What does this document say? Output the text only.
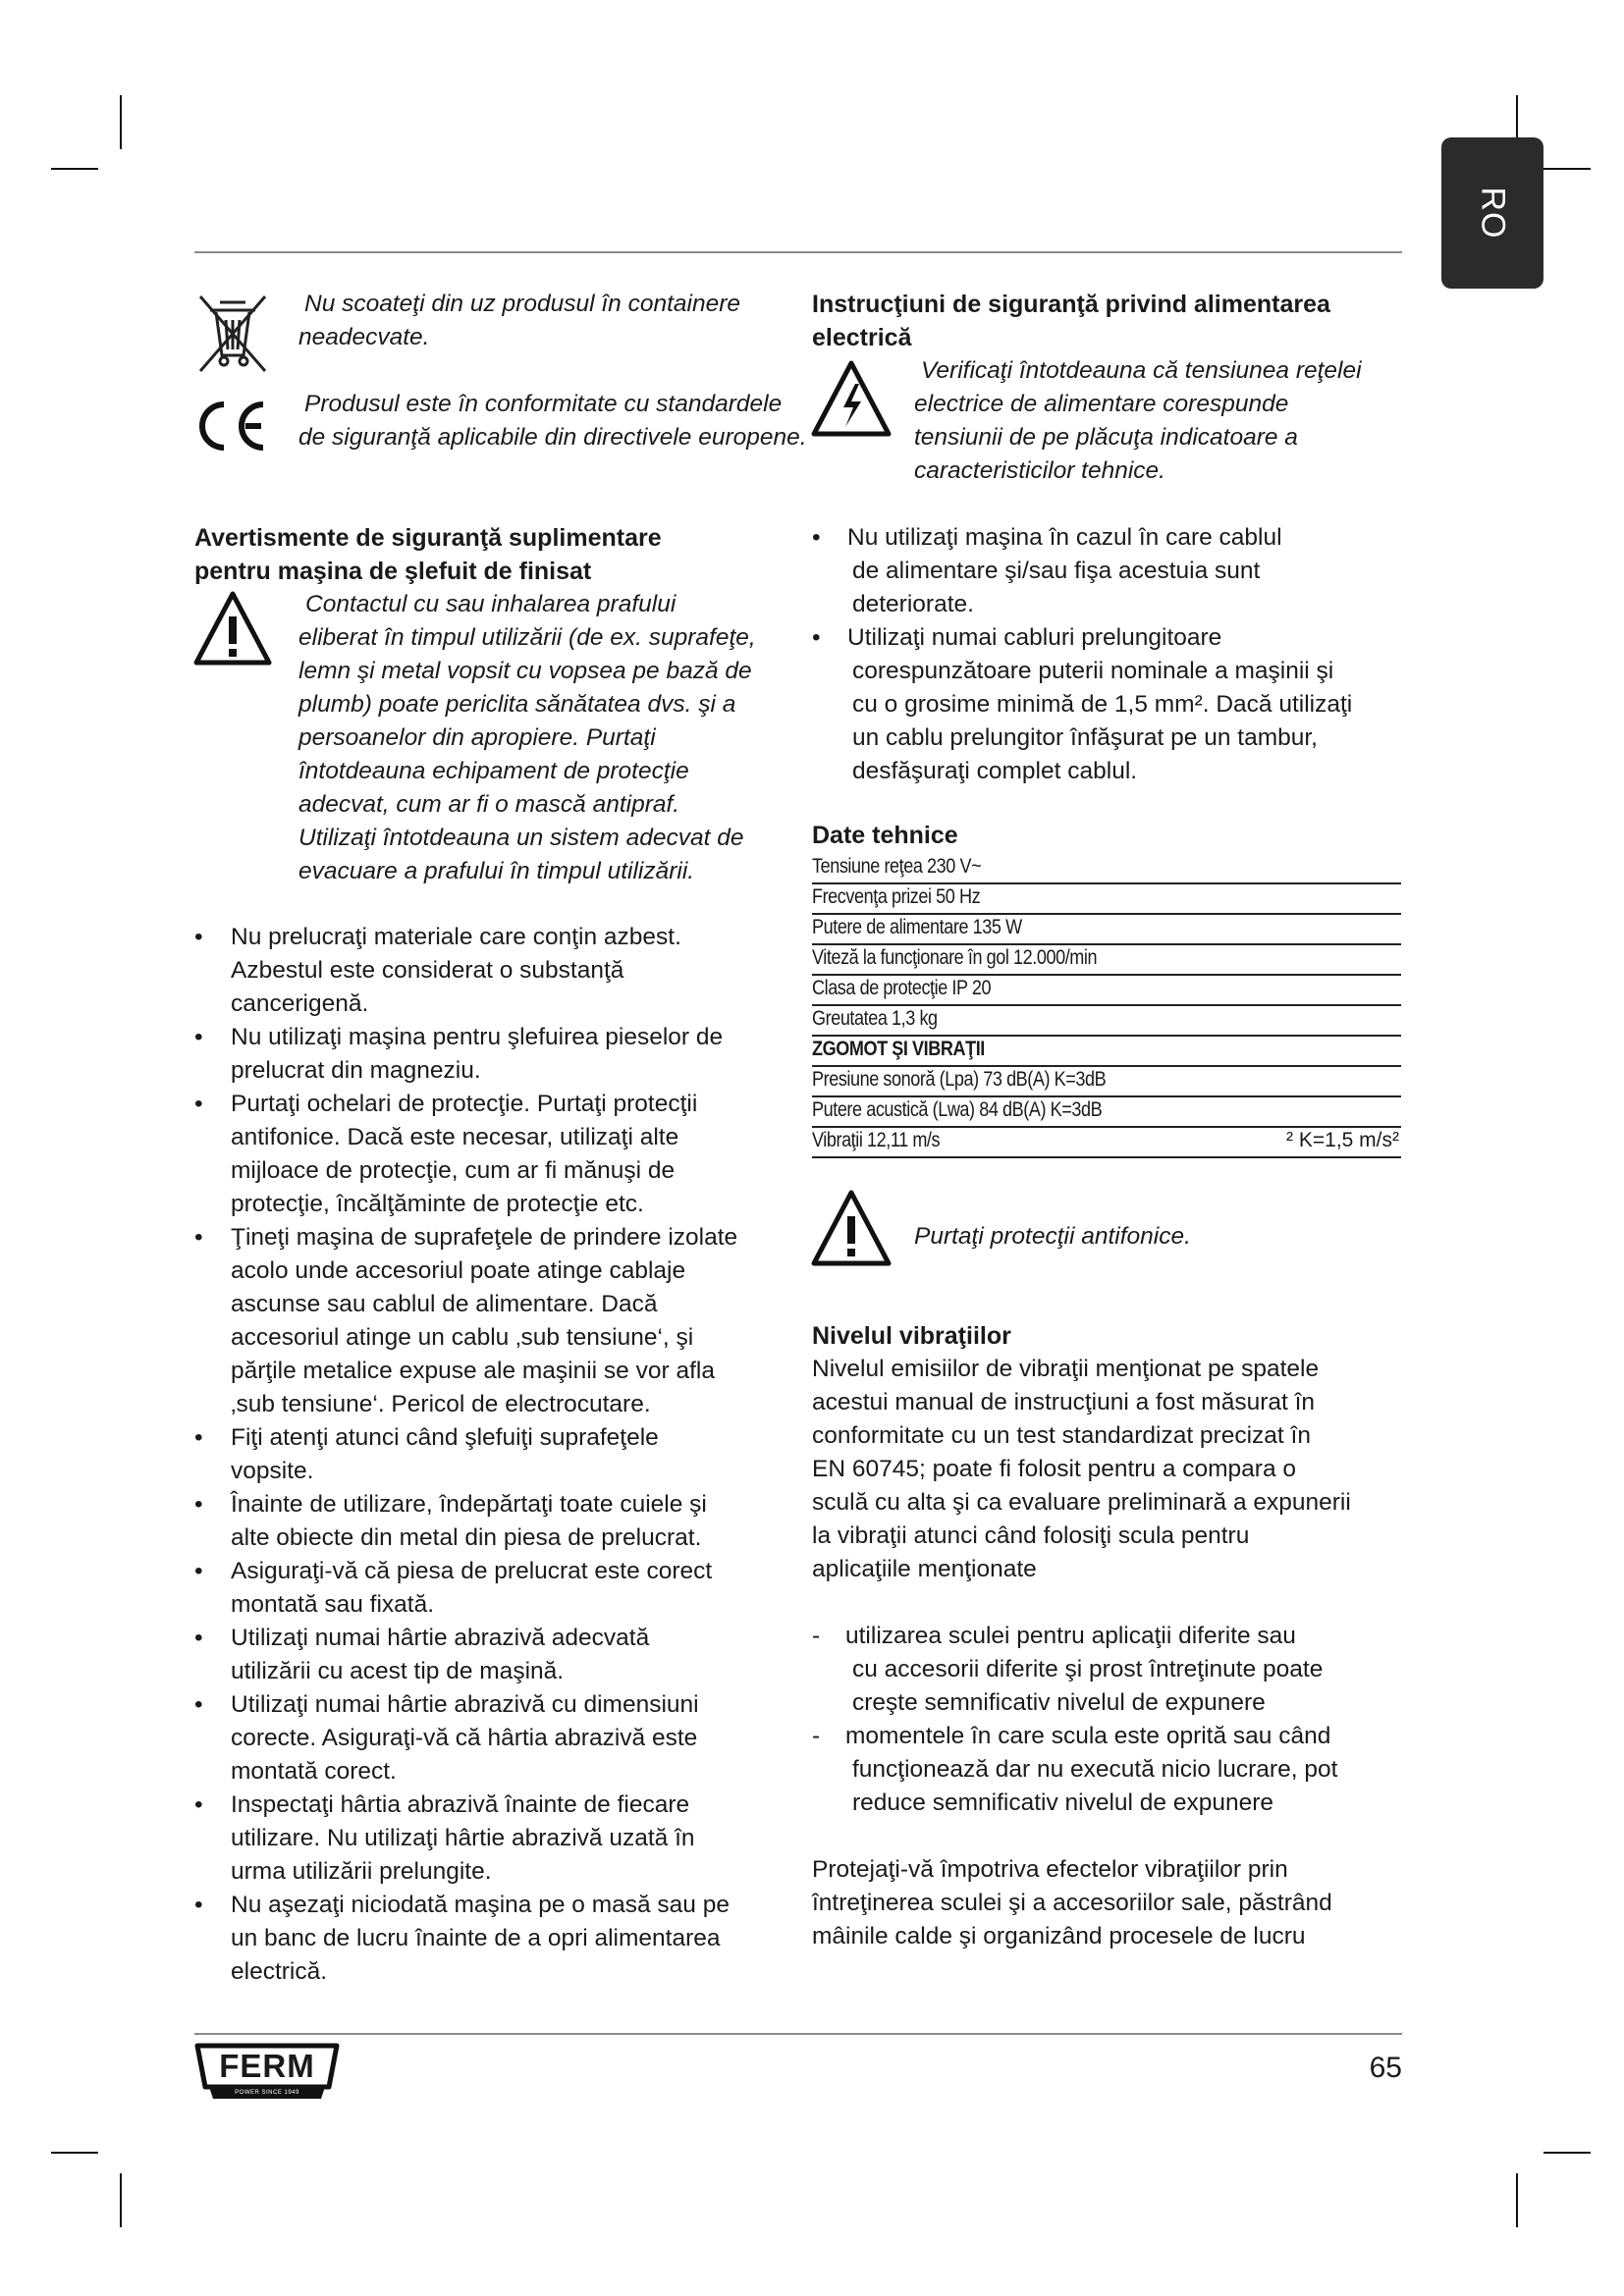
RO
Nu scoateţi din uz produsul în containere neadecvate.
Produsul este în conformitate cu standardele de siguranţă aplicabile din directivele europene.
Avertismente de siguranţă suplimentare
pentru maşina de şlefuit de finisat
Contactul cu sau inhalarea prafului
eliberat în timpul utilizării (de ex. suprafeţe,
lemn şi metal vopsit cu vopsea pe bază de
plumb) poate periclita sănătatea dvs. şi a
persoanelor din apropiere. Purtaţi
întotdeauna echipament de protecţie
adecvat, cum ar fi o mască antipraf.
Utilizaţi întotdeauna un sistem adecvat de
evacuare a prafului în timpul utilizării.
• Nu prelucraţi materiale care conţin azbest.
Azbestul este considerat o substanţă
cancerigenă.
• Nu utilizaţi maşina pentru şlefuirea pieselor de
prelucrat din magneziu.
• Purtaţi ochelari de protecţie. Purtaţi protecţii
antifonice. Dacă este necesar, utilizaţi alte
mijloace de protecţie, cum ar fi mănuşi de
protecţie, încălţăminte de protecţie etc.
• Ţineţi maşina de suprafeţele de prindere izolate
acolo unde accesoriul poate atinge cablaje
ascunse sau cablul de alimentare. Dacă
accesoriul atinge un cablu ‚sub tensiune‘, şi
părţile metalice expuse ale maşinii se vor afla
‚sub tensiune‘. Pericol de electrocutare.
• Fiţi atenţi atunci când şlefuiţi suprafeţele
vopsite.
• Înainte de utilizare, îndepărtaţi toate cuiele şi
alte obiecte din metal din piesa de prelucrat.
• Asiguraţi-vă că piesa de prelucrat este corect
montată sau fixată.
• Utilizaţi numai hârtie abrazivă adecvată
utilizării cu acest tip de maşină.
• Utilizaţi numai hârtie abrazivă cu dimensiuni
corecte. Asiguraţi-vă că hârtia abrazivă este
montată corect.
• Inspectaţi hârtia abrazivă înainte de fiecare
utilizare. Nu utilizaţi hârtie abrazivă uzată în
urma utilizării prelungite.
• Nu aşezaţi niciodată maşina pe o masă sau pe
un banc de lucru înainte de a opri alimentarea
electrică.
Instrucţiuni de siguranţă privind alimentarea
electrică
Verificaţi întotdeauna că tensiunea reţelei
electrice de alimentare corespunde
tensiunii de pe plăcuţa indicatoare a
caracteristicilor tehnice.
• Nu utilizaţi maşina în cazul în care cablul
de alimentare şi/sau fişa acestuia sunt
deteriorate.
• Utilizaţi numai cabluri prelungitoare
corespunzătoare puterii nominale a maşinii şi
cu o grosime minimă de 1,5 mm². Dacă utilizaţi
un cablu prelungitor înfăşurat pe un tambur,
desfăşuraţi complet cablul.
Date tehnice
Tensiune reţea 230 V~
Frecvenţa prizei 50 Hz
Putere de alimentare 135 W
Viteză la funcţionare în gol 12.000/min
Clasa de protecţie IP 20
Greutatea 1,3 kg
ZGOMOT ŞI VIBRAŢII
Presiune sonoră (Lpa) 73 dB(A) K=3dB
Putere acustică (Lwa) 84 dB(A) K=3dB
Vibraţii 12,11 m/s	² K=1,5 m/s²
Purtaţi protecţii antifonice.
Nivelul vibraţiilor
Nivelul emisiilor de vibraţii menţionat pe spatele
acestui manual de instrucţiuni a fost măsurat în
conformitate cu un test standardizat precizat în
EN 60745; poate fi folosit pentru a compara o
sculă cu alta şi ca evaluare preliminară a expunerii
la vibraţii atunci când folosiţi scula pentru
aplicaţiile menţionate
- utilizarea sculei pentru aplicaţii diferite sau
cu accesorii diferite şi prost întreţinute poate
creşte semnificativ nivelul de expunere
- momentele în care scula este oprită sau când
funcţionează dar nu execută nicio lucrare, pot
reduce semnificativ nivelul de expunere
Protejaţi-vă împotriva efectelor vibraţiilor prin
întreţinerea sculei şi a accesoriilor sale, păstrând
mâinile calde şi organizând procesele de lucru
FERM
POWER SINCE 1949
65
